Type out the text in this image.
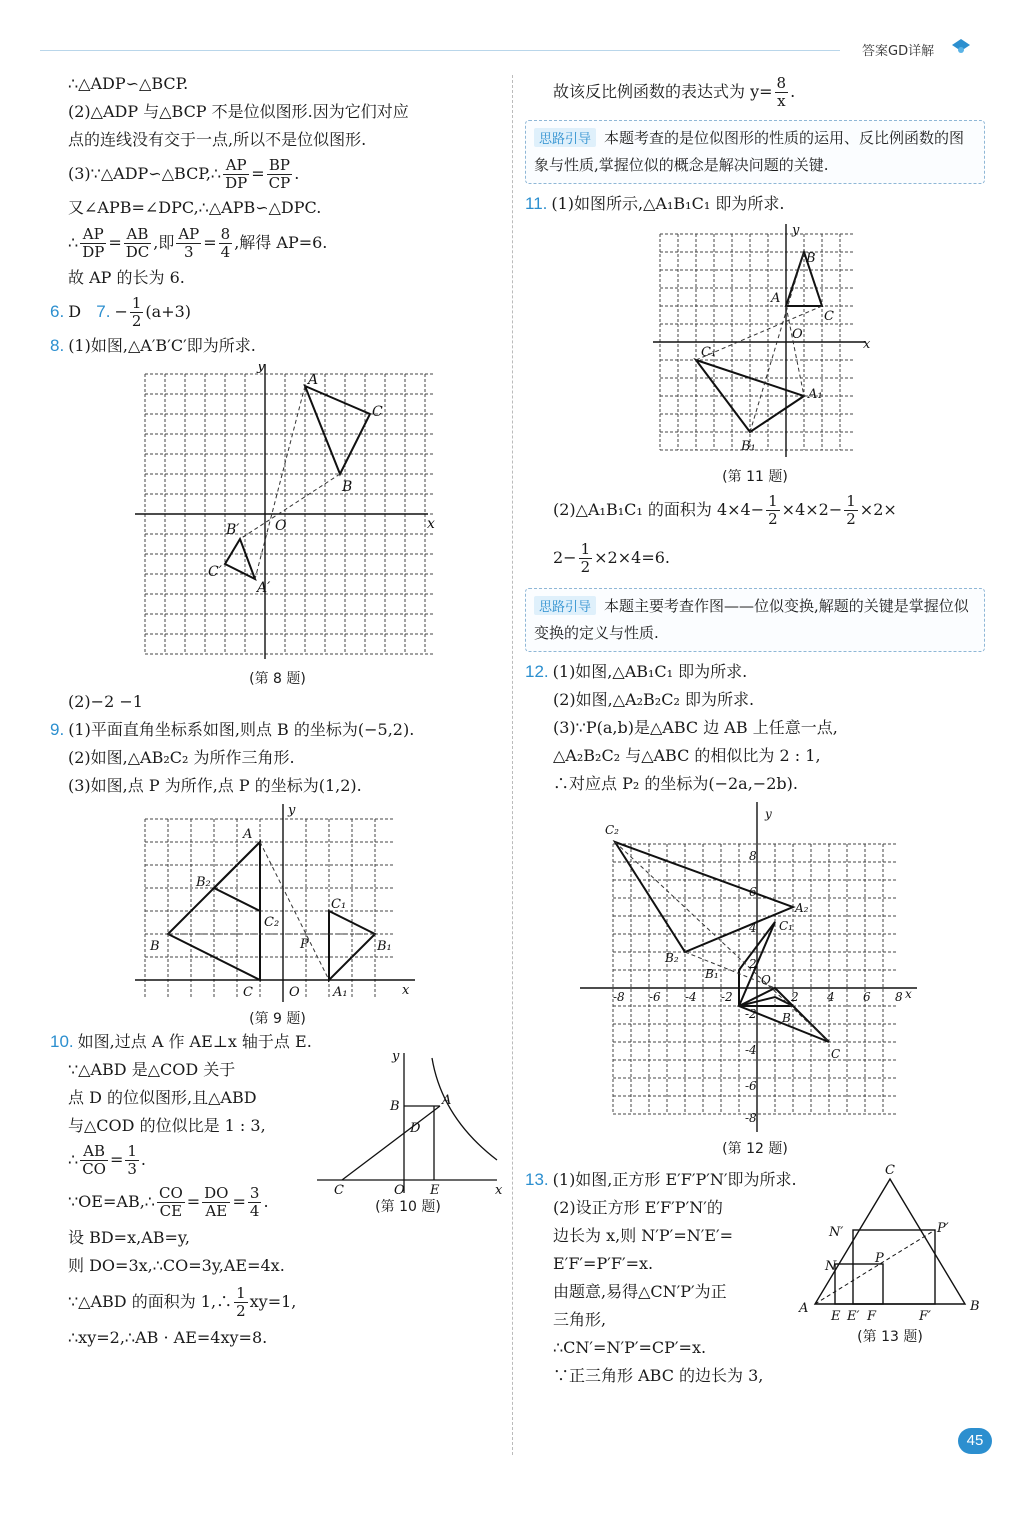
答案GD详解
∴△ADP∽△BCP.
(2)△ADP 与△BCP 不是位似图形.因为它们对应
点的连线没有交于一点,所以不是位似图形.
(3)∵△ADP∽△BCP,∴ $\frac{AP}{DP} = \frac{BP}{CP}$ .
又∠APB=∠DPC,∴△APB∽△DPC.
∴ $\frac{AP}{DP} = \frac{AB}{DC}$ ,即 $\frac{AP}{3} = \frac{8}{4}$ ,解得 AP=6.
故 AP 的长为 6.
6. D 7. − $\frac{1}{2} (a+3)$
8. (1)如图,△A′B′C′即为所求.
A
C
B
B′
C′
A′
O	x
y
(第 8 题)
(2)−2 −1
9. (1)平面直角坐标系如图,则点 B 的坐标为(−5,2).
(2)如图,△AB₂C₂ 为所作三角形.
(3)如图,点 P 为所作,点 P 的坐标为(1,2).
A
B₂
C₂
B
C	O
C₁
B₁
A₁
P
x
y
(第 9 题)
10. 如图,过点 A 作 AE⊥x 轴于点 E.
∵△ABD 是△COD 关于
点 D 的位似图形,且△ABD
与△COD 的位似比是 1 : 3,
∴ $\frac{AB}{CO} = \frac{1}{3}$ .
C	O E	x
y
B	A
D
(第 10 题)
∵OE=AB,∴ $\frac{CO}{CE} = \frac{DO}{AE} = \frac{3}{4}$ .
设 BD=x,AB=y,
则 DO=3x,∴CO=3y,AE=4x.
∵△ABD 的面积为 1,∴ $\frac{1}{2} xy=1$,
∴xy=2,∴AB · AE=4xy=8.
故该反比例函数的表达式为 $y= \frac{8}{x}$ .
思路引导 本题考查的是位似图形的性质的运用、反比例函数的图象与性质,掌握位似的概念是解决问题的关键.
11. (1)如图所示,△A₁B₁C₁ 即为所求.
B
C
A
O
C₁
B₁
A₁
x
y
(第 11 题)
(2)△A₁B₁C₁ 的面积为 $4\times 4- \frac{1}{2} \times 4\times 2- \frac{1}{2} \times 2\times$
$2- \frac{1}{2} \times 2\times 4=6$.
思路引导 本题主要考查作图——位似变换,解题的关键是掌握位似变换的定义与性质.
12. (1)如图,△AB₁C₁ 即为所求.
(2)如图,△A₂B₂C₂ 即为所求.
(3)∵P(a,b)是△ABC 边 AB 上任意一点,
△A₂B₂C₂ 与△ABC 的相似比为 2 : 1,
∴对应点 P₂ 的坐标为(−2a,−2b).
C₂
A₂
B₂
C₁
B₁	O
B
C
x
y
8
6
4
2
-2
-4
-6
-8
-8 -6 -4 -2	2 4 6 8
(第 12 题)
13. (1)如图,正方形 E′F′P′N′即为所求.
(2)设正方形 E′F′P′N′的
边长为 x,则 N′P′=N′E′=
E′F′=P′F′=x.
由题意,易得△CN′P′为正
三角形,
∴CN′=N′P′=CP′=x.
∵正三角形 ABC 的边长为 3,
C
A	B
N′
N
P′
P
E E′ F	F′
(第 13 题)
45
